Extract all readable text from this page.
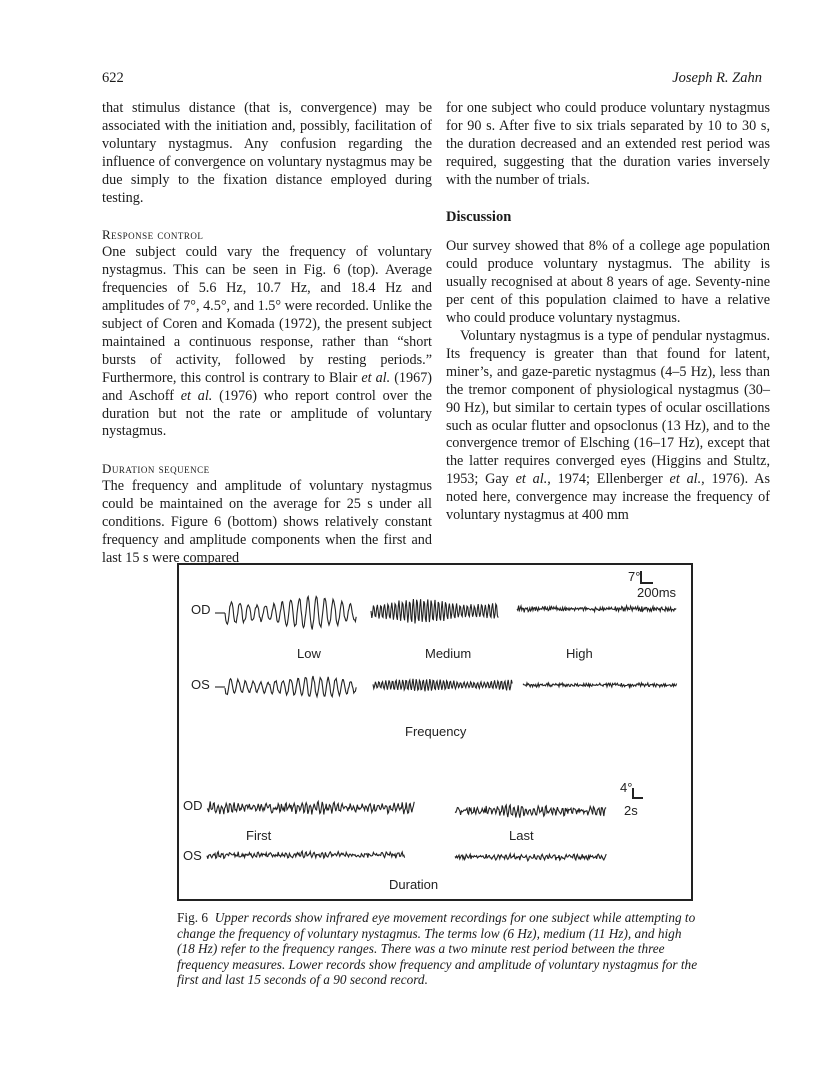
622	Joseph R. Zahn

that stimulus distance (that is, convergence) may be associated with the initiation and, possibly, facilitation of voluntary nystagmus. Any confusion regarding the influence of convergence on voluntary nystagmus may be due simply to the fixation distance employed during testing.

Response control

One subject could vary the frequency of voluntary nystagmus. This can be seen in Fig. 6 (top). Average frequencies of 5.6 Hz, 10.7 Hz, and 18.4 Hz and amplitudes of 7°, 4.5°, and 1.5° were recorded. Unlike the subject of Coren and Komada (1972), the present subject maintained a continuous response, rather than “short bursts of activity, followed by resting periods.” Furthermore, this control is contrary to Blair et al. (1967) and Aschoff et al. (1976) who report control over the duration but not the rate or amplitude of voluntary nystagmus.

Duration sequence

The frequency and amplitude of voluntary nystagmus could be maintained on the average for 25 s under all conditions. Figure 6 (bottom) shows relatively constant frequency and amplitude components when the first and last 15 s were compared

for one subject who could produce voluntary nystagmus for 90 s. After five to six trials separated by 10 to 30 s, the duration decreased and an extended rest period was required, suggesting that the duration varies inversely with the number of trials.

Discussion

Our survey showed that 8% of a college age population could produce voluntary nystagmus. The ability is usually recognised at about 8 years of age. Seventy-nine per cent of this population claimed to have a relative who could produce voluntary nystagmus.

Voluntary nystagmus is a type of pendular nystagmus. Its frequency is greater than that found for latent, miner’s, and gaze-paretic nystagmus (4–5 Hz), less than the tremor component of physiological nystagmus (30–90 Hz), but similar to certain types of ocular oscillations such as ocular flutter and opsoclonus (13 Hz), and to the convergence tremor of Elsching (16–17 Hz), except that the latter requires converged eyes (Higgins and Stultz, 1953; Gay et al., 1974; Ellenberger et al., 1976). As noted here, convergence may increase the frequency of voluntary nystagmus at 400 mm

7°
200ms
OD
Low	Medium	High
OS
Frequency
4°
2s
OD
First	Last
OS
Duration
Fig. 6 Upper records show infrared eye movement recordings for one subject while attempting to change the frequency of voluntary nystagmus. The terms low (6 Hz), medium (11 Hz), and high (18 Hz) refer to the frequency ranges. There was a two minute rest period between the three frequency measures. Lower records show frequency and amplitude of voluntary nystagmus for the first and last 15 seconds of a 90 second record.
